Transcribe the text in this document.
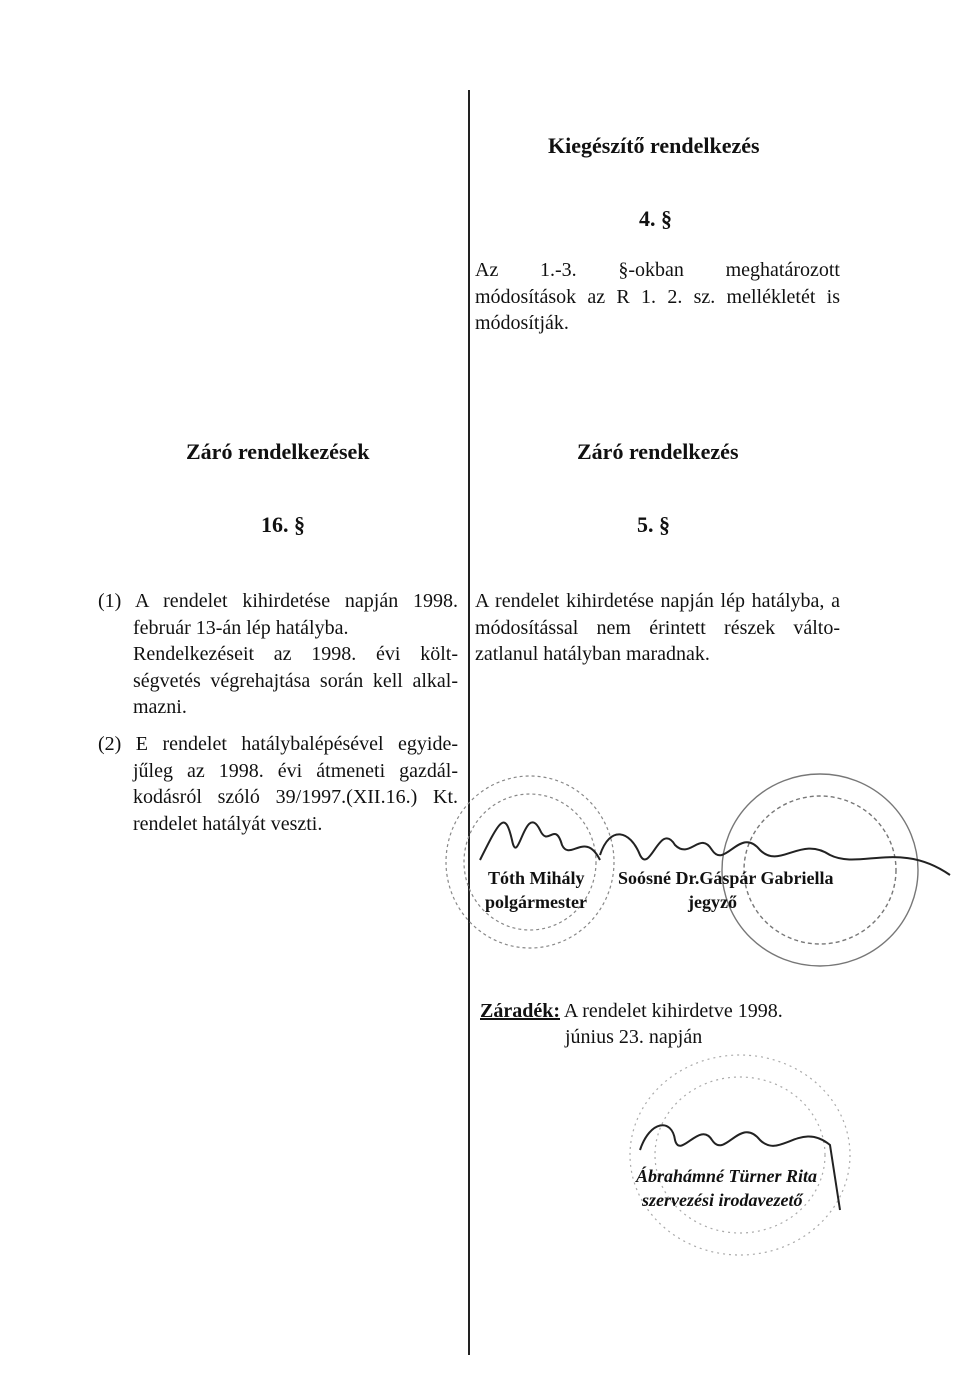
Kiegészítő rendelkezés
4. §
Az 1.-3. §-okban meghatározott
módosítások az R 1. 2. sz. mellékletét is
módosítják.
Záró rendelkezés
5. §
A rendelet kihirdetése napján lép hatályba, a
módosítással nem érintett részek válto-
zatlanul hatályban maradnak.
Záró rendelkezések
16. §
(1) A rendelet kihirdetése napján 1998.
február 13-án lép hatályba.
Rendelkezéseit az 1998. évi költ-
ségvetés végrehajtása során kell alkal-
mazni.
(2) E rendelet hatálybalépésével egyide-
jűleg az 1998. évi átmeneti gazdál-
kodásról szóló 39/1997.(XII.16.) Kt.
rendelet hatályát veszti.
Tóth Mihály
polgármester
Soósné Dr.Gáspár Gabriella
jegyző
Záradék: A rendelet kihirdetve 1998.
június 23. napján
Ábrahámné Türner Rita
szervezési irodavezető
